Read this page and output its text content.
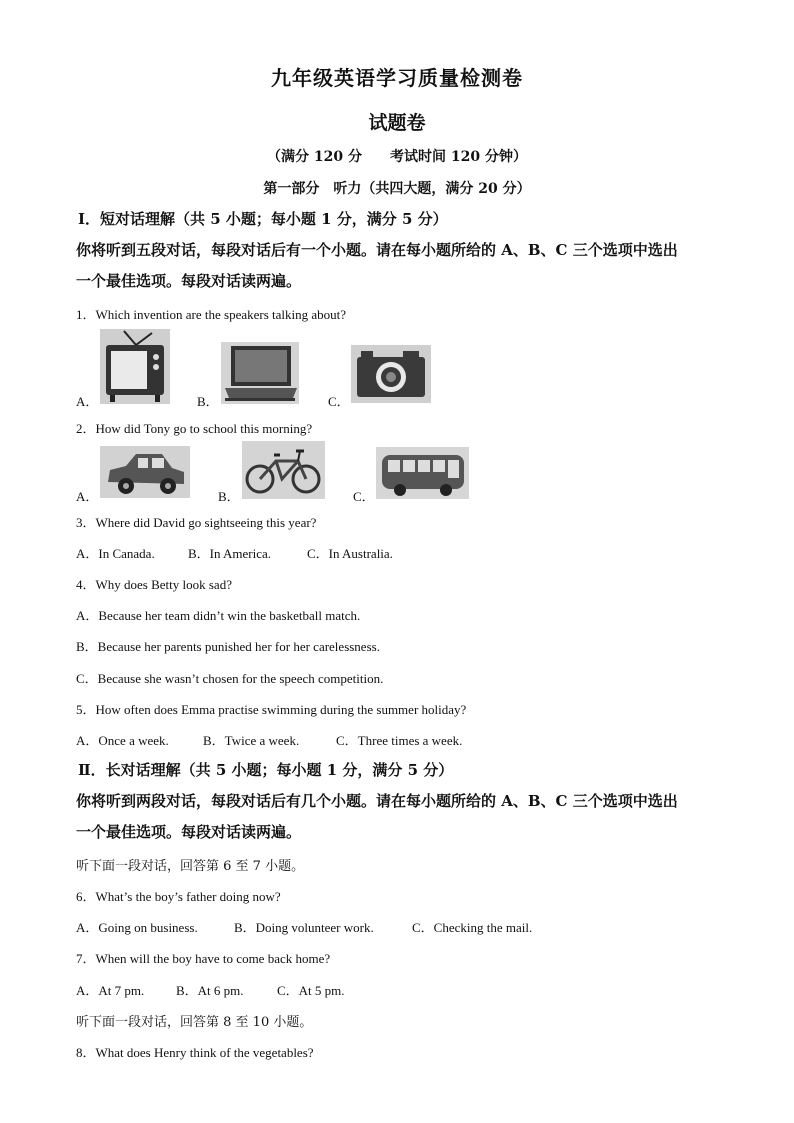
九年级英语学习质量检测卷
试题卷
（满分 120 分　　考试时间 120 分钟）
第一部分　听力（共四大题，满分 20 分）
Ⅰ．短对话理解（共 5 小题；每小题 1 分，满分 5 分）
你将听到五段对话，每段对话后有一个小题。请在每小题所给的 A、B、C 三个选项中选出
一个最佳选项。每段对话读两遍。
1．Which invention are the speakers talking about?
A．	B．	C．
2．How did Tony go to school this morning?
A．	B．	C．
3．Where did David go sightseeing this year?
A．In Canada.	B．In America.	C．In Australia.
4．Why does Betty look sad?
A．Because her team didn’t win the basketball match.
B．Because her parents punished her for her carelessness.
C．Because she wasn’t chosen for the speech competition.
5．How often does Emma practise swimming during the summer holiday?
A．Once a week.	B．Twice a week.	C．Three times a week.
Ⅱ．长对话理解（共 5 小题；每小题 1 分，满分 5 分）
你将听到两段对话，每段对话后有几个小题。请在每小题所给的 A、B、C 三个选项中选出
一个最佳选项。每段对话读两遍。
听下面一段对话，回答第 6 至 7 小题。
6．What’s the boy’s father doing now?
A．Going on business.	B．Doing volunteer work.	C．Checking the mail.
7．When will the boy have to come back home?
A．At 7 pm. B．At 6 pm.	C．At 5 pm.
听下面一段对话，回答第 8 至 10 小题。
8．What does Henry think of the vegetables?
